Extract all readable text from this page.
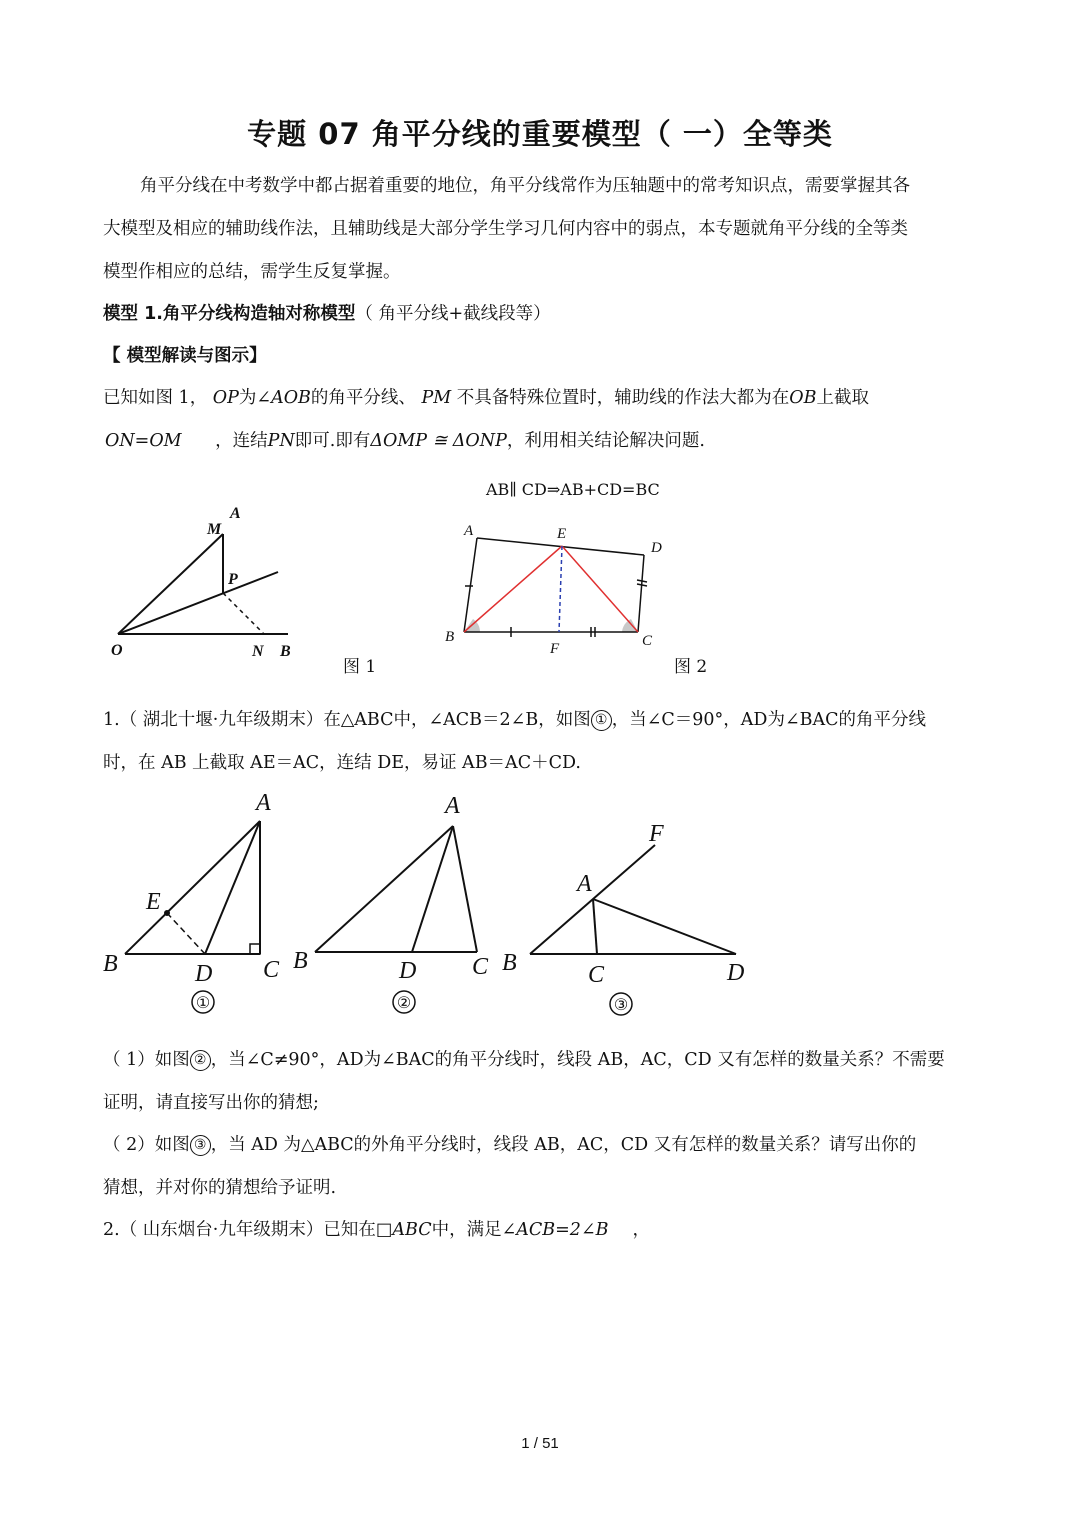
专题 07 角平分线的重要模型（ 一）全等类
角平分线在中考数学中都占据着重要的地位，角平分线常作为压轴题中的常考知识点，需要掌握其各
大模型及相应的辅助线作法，且辅助线是大部分学生学习几何内容中的弱点，本专题就角平分线的全等类
模型作相应的总结，需学生反复掌握。
模型 1.角平分线构造轴对称模型（ 角平分线+截线段等）
【 模型解读与图示】
已知如图 1， OP为∠AOB的角平分线、 PM 不具备特殊位置时，辅助线的作法大都为在OB上截取
ON=OM ，连结PN即可.即有ΔOMP ≅ ΔONP，利用相关结论解决问题.
AB∥ CD⇒AB+CD=BC
M
A
P
O	N B
图 1
A	E
D
B
F	C
图 2
1.（ 湖北十堰·九年级期末）在△ABC中，∠ACB＝2∠B，如图 ① ，当∠C＝90°，AD为∠BAC的角平分线
时，在 AB 上截取 AE＝AC，连结 DE，易证 AB＝AC＋CD.
A
E
B	D C
①
A
B	D C
②
F
A
B	C	D
③
（ 1）如图 ② ，当∠C≠90°，AD为∠BAC的角平分线时，线段 AB，AC，CD 又有怎样的数量关系？不需要
证明，请直接写出你的猜想;
（ 2）如图 ③ ，当 AD 为△ABC的外角平分线时，线段 AB，AC，CD 又有怎样的数量关系？请写出你的
猜想，并对你的猜想给予证明.
2.（ 山东烟台·九年级期末）已知在□ABC中，满足∠ACB=2∠B ，
1 / 51
